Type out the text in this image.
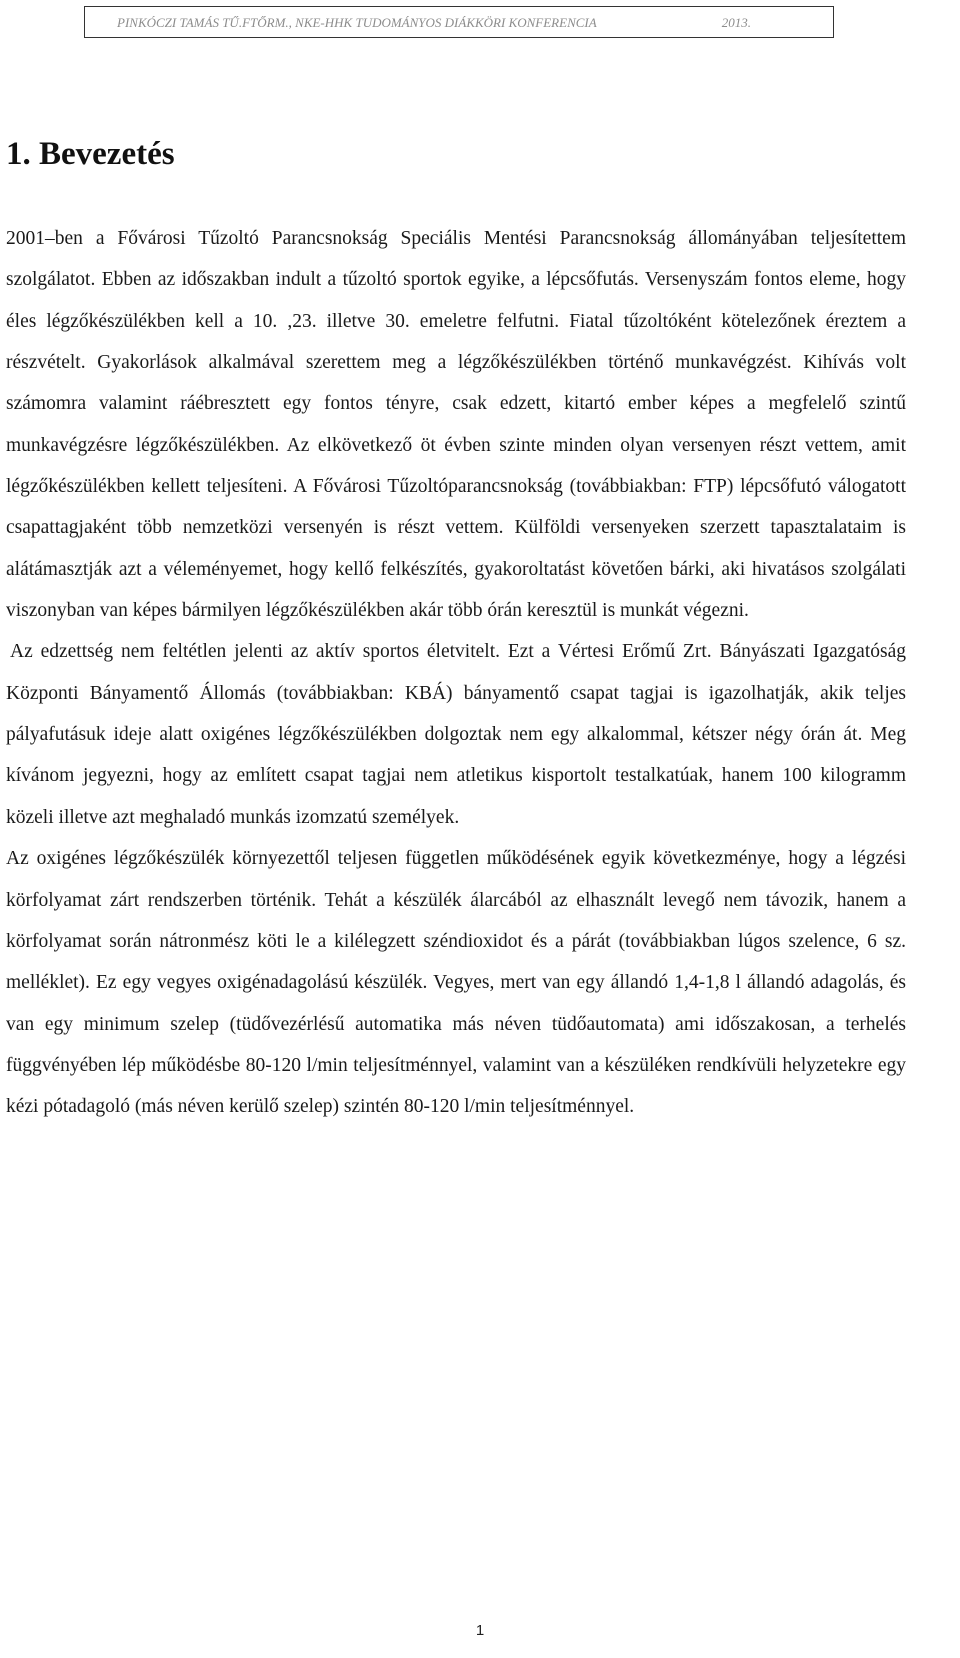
PINKÓCZI TAMÁS TŰ.FTŐRM., NKE-HHK TUDOMÁNYOS DIÁKKÖRI KONFERENCIA	2013.
1. Bevezetés

2001–ben a Fővárosi Tűzoltó Parancsnokság Speciális Mentési Parancsnokság állományában teljesítettem szolgálatot. Ebben az időszakban indult a tűzoltó sportok egyike, a lépcsőfutás. Versenyszám fontos eleme, hogy éles légzőkészülékben kell a 10. ,23. illetve 30. emeletre felfutni. Fiatal tűzoltóként kötelezőnek éreztem a részvételt. Gyakorlások alkalmával szerettem meg a légzőkészülékben történő munkavégzést. Kihívás volt számomra valamint ráébresztett egy fontos tényre, csak edzett, kitartó ember képes a megfelelő szintű munkavégzésre légzőkészülékben. Az elkövetkező öt évben szinte minden olyan versenyen részt vettem, amit légzőkészülékben kellett teljesíteni. A Fővárosi Tűzoltóparancsnokság (továbbiakban: FTP) lépcsőfutó válogatott csapattagjaként több nemzetközi versenyén is részt vettem. Külföldi versenyeken szerzett tapasztalataim is alátámasztják azt a véleményemet, hogy kellő felkészítés, gyakoroltatást követően bárki, aki hivatásos szolgálati viszonyban van képes bármilyen légzőkészülékben akár több órán keresztül is munkát végezni.

Az edzettség nem feltétlen jelenti az aktív sportos életvitelt. Ezt a Vértesi Erőmű Zrt. Bányászati Igazgatóság Központi Bányamentő Állomás (továbbiakban: KBÁ) bányamentő csapat tagjai is igazolhatják, akik teljes pályafutásuk ideje alatt oxigénes légzőkészülékben dolgoztak nem egy alkalommal, kétszer négy órán át. Meg kívánom jegyezni, hogy az említett csapat tagjai nem atletikus kisportolt testalkatúak, hanem 100 kilogramm közeli illetve azt meghaladó munkás izomzatú személyek.

Az oxigénes légzőkészülék környezettől teljesen független működésének egyik következménye, hogy a légzési körfolyamat zárt rendszerben történik. Tehát a készülék álarcából az elhasznált levegő nem távozik, hanem a körfolyamat során nátronmész köti le a kilélegzett széndioxidot és a párát (továbbiakban lúgos szelence, 6 sz. melléklet). Ez egy vegyes oxigénadagolású készülék. Vegyes, mert van egy állandó 1,4-1,8 l állandó adagolás, és van egy minimum szelep (tüdővezérlésű automatika más néven tüdőautomata) ami időszakosan, a terhelés függvényében lép működésbe 80-120 l/min teljesítménnyel, valamint van a készüléken rendkívüli helyzetekre egy kézi pótadagoló (más néven kerülő szelep) szintén 80-120 l/min teljesítménnyel.

1
